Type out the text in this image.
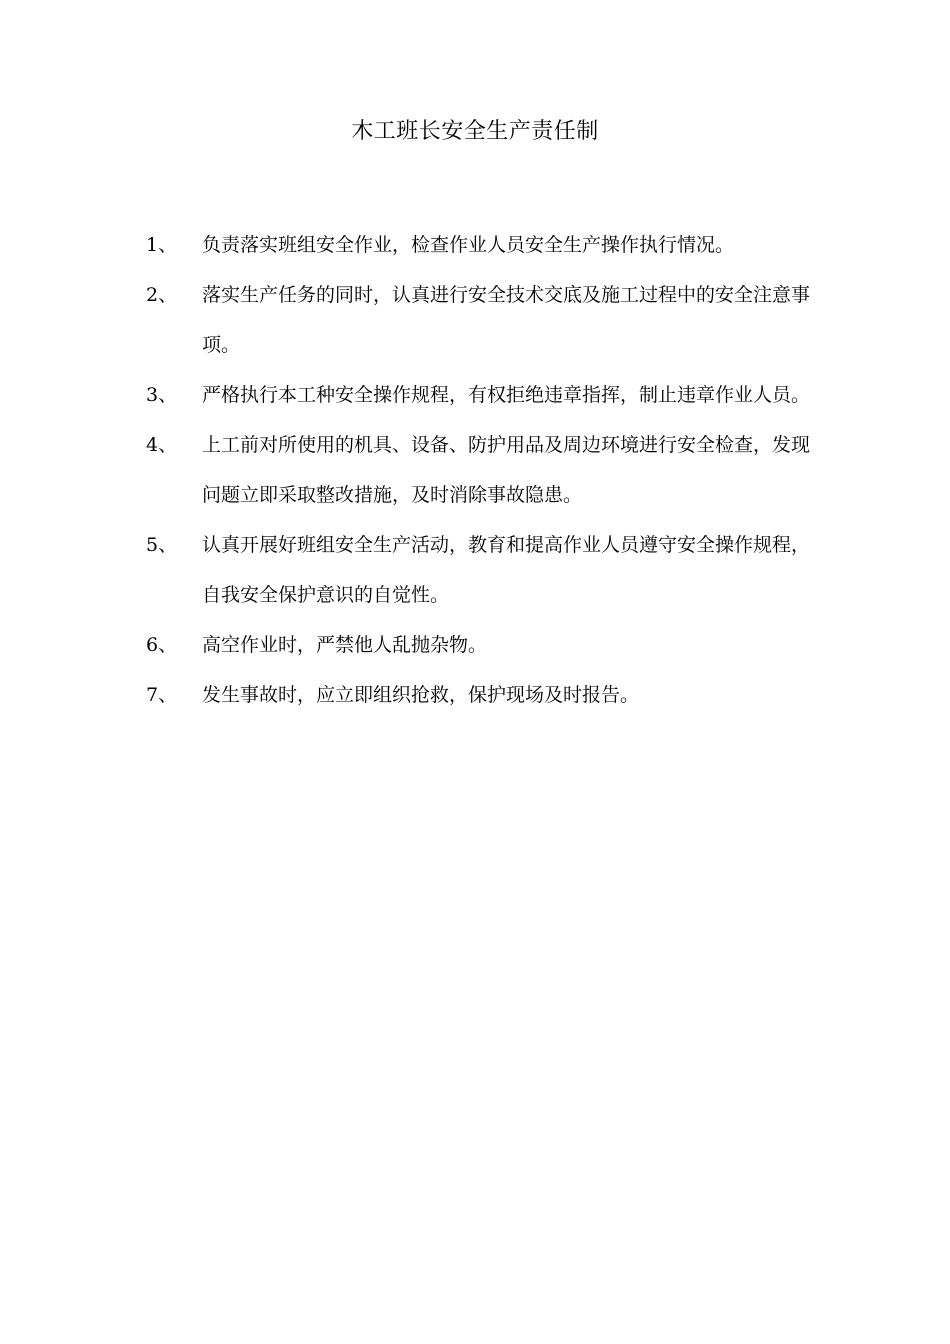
木工班长安全生产责任制
1、	负责落实班组安全作业，检查作业人员安全生产操作执行情况。
2、	落实生产任务的同时，认真进行安全技术交底及施工过程中的安全注意事项。
3、	严格执行本工种安全操作规程，有权拒绝违章指挥，制止违章作业人员。
4、	上工前对所使用的机具、设备、防护用品及周边环境进行安全检查，发现问题立即采取整改措施，及时消除事故隐患。
5、	认真开展好班组安全生产活动，教育和提高作业人员遵守安全操作规程，自我安全保护意识的自觉性。
6、	高空作业时，严禁他人乱抛杂物。
7、	发生事故时，应立即组织抢救，保护现场及时报告。
